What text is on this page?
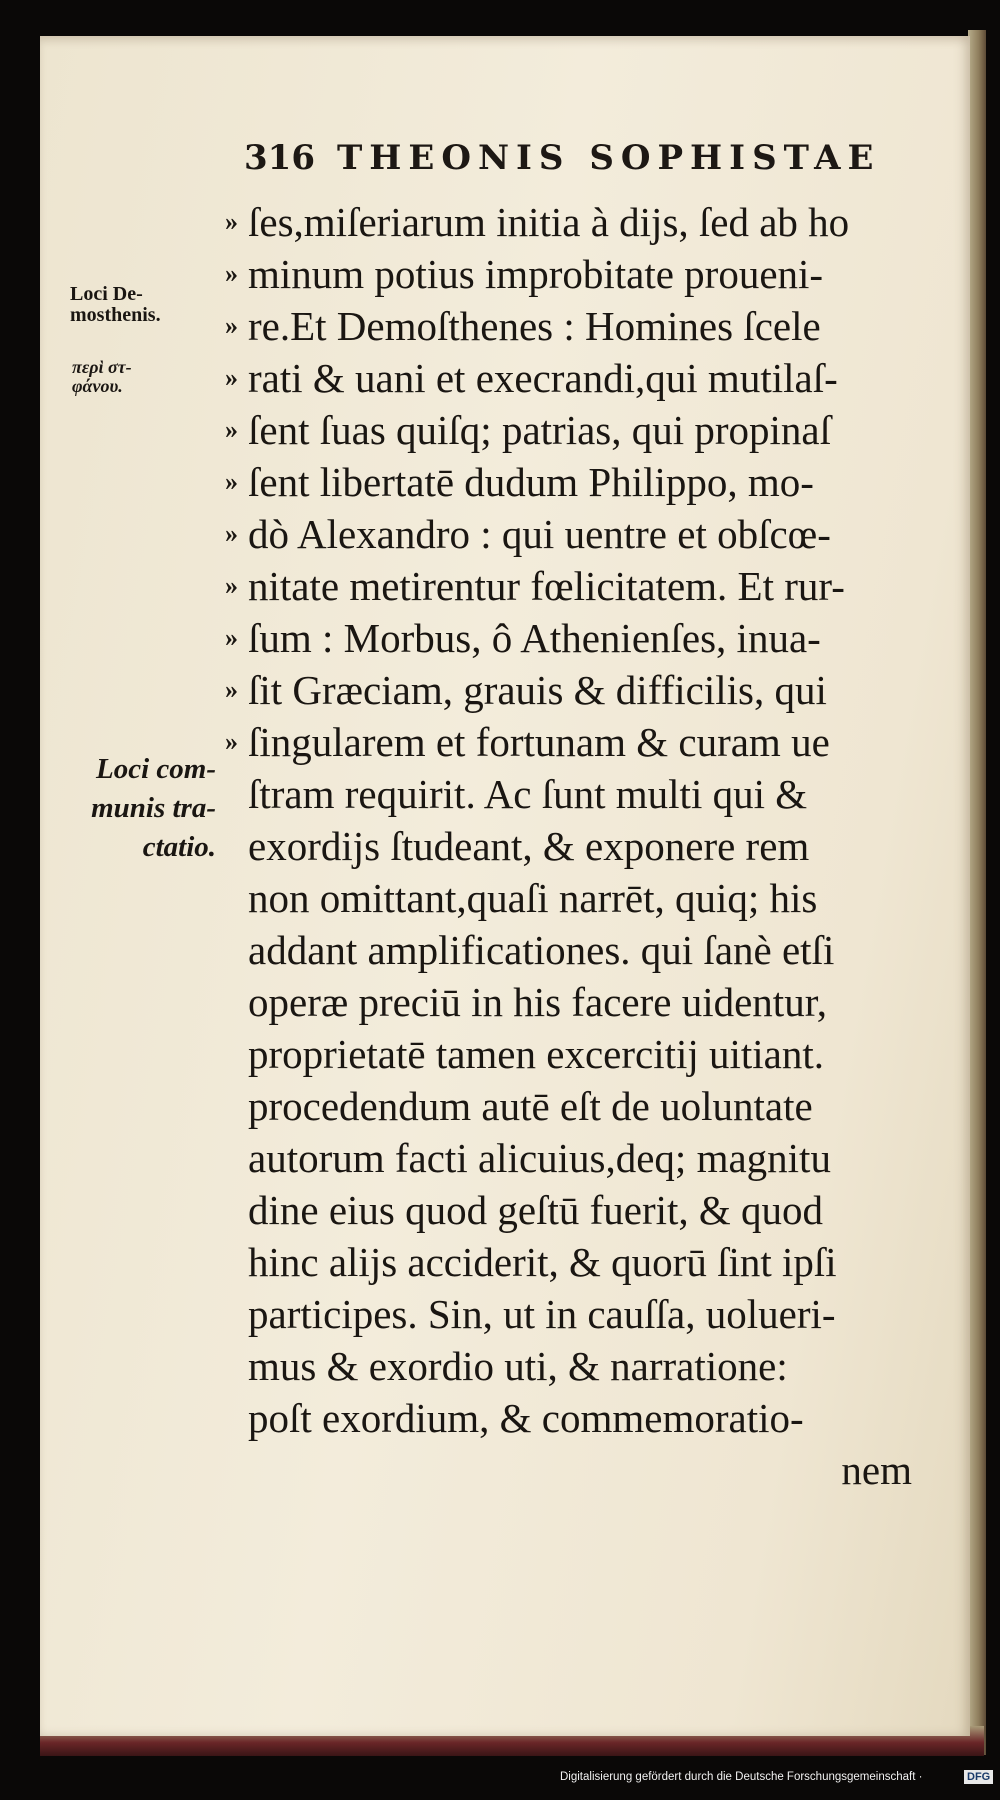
316 THEONIS SOPHISTAE
Loci De-
mosthenis.
περὶ στ-
φάνου.
Loci com-
munis tra-
ctatio.
» ſes,miſeriarum initia à dijs, ſed ab ho
» minum potius improbitate proueni-
» re.Et Demoſthenes : Homines ſcele
» rati & uani et execrandi,qui mutilaſ-
» ſent ſuas quiſq; patrias, qui propinaſ
» ſent libertatē dudum Philippo, mo-
» dò Alexandro : qui uentre et obſcœ-
» nitate metirentur fœlicitatem. Et rur-
» ſum : Morbus, ô Athenienſes, inua-
» ſit Græciam, grauis & difficilis, qui
» ſingularem et fortunam & curam ue
ſtram requirit. Ac ſunt multi qui &
exordijs ſtudeant, & exponere rem
non omittant,quaſi narrēt, quiq; his
addant amplificationes. qui ſanè etſi
operæ preciū in his facere uidentur,
proprietatē tamen excercitij uitiant.
procedendum autē eſt de uoluntate
autorum facti alicuius,deq; magnitu
dine eius quod geſtū fuerit, & quod
hinc alijs acciderit, & quorū ſint ipſi
participes. Sin, ut in cauſſa, uolueri-
mus & exordio uti, & narratione:
poſt exordium, & commemoratio-
nem
Digitalisierung gefördert durch die Deutsche Forschungsgemeinschaft ·	DFG
